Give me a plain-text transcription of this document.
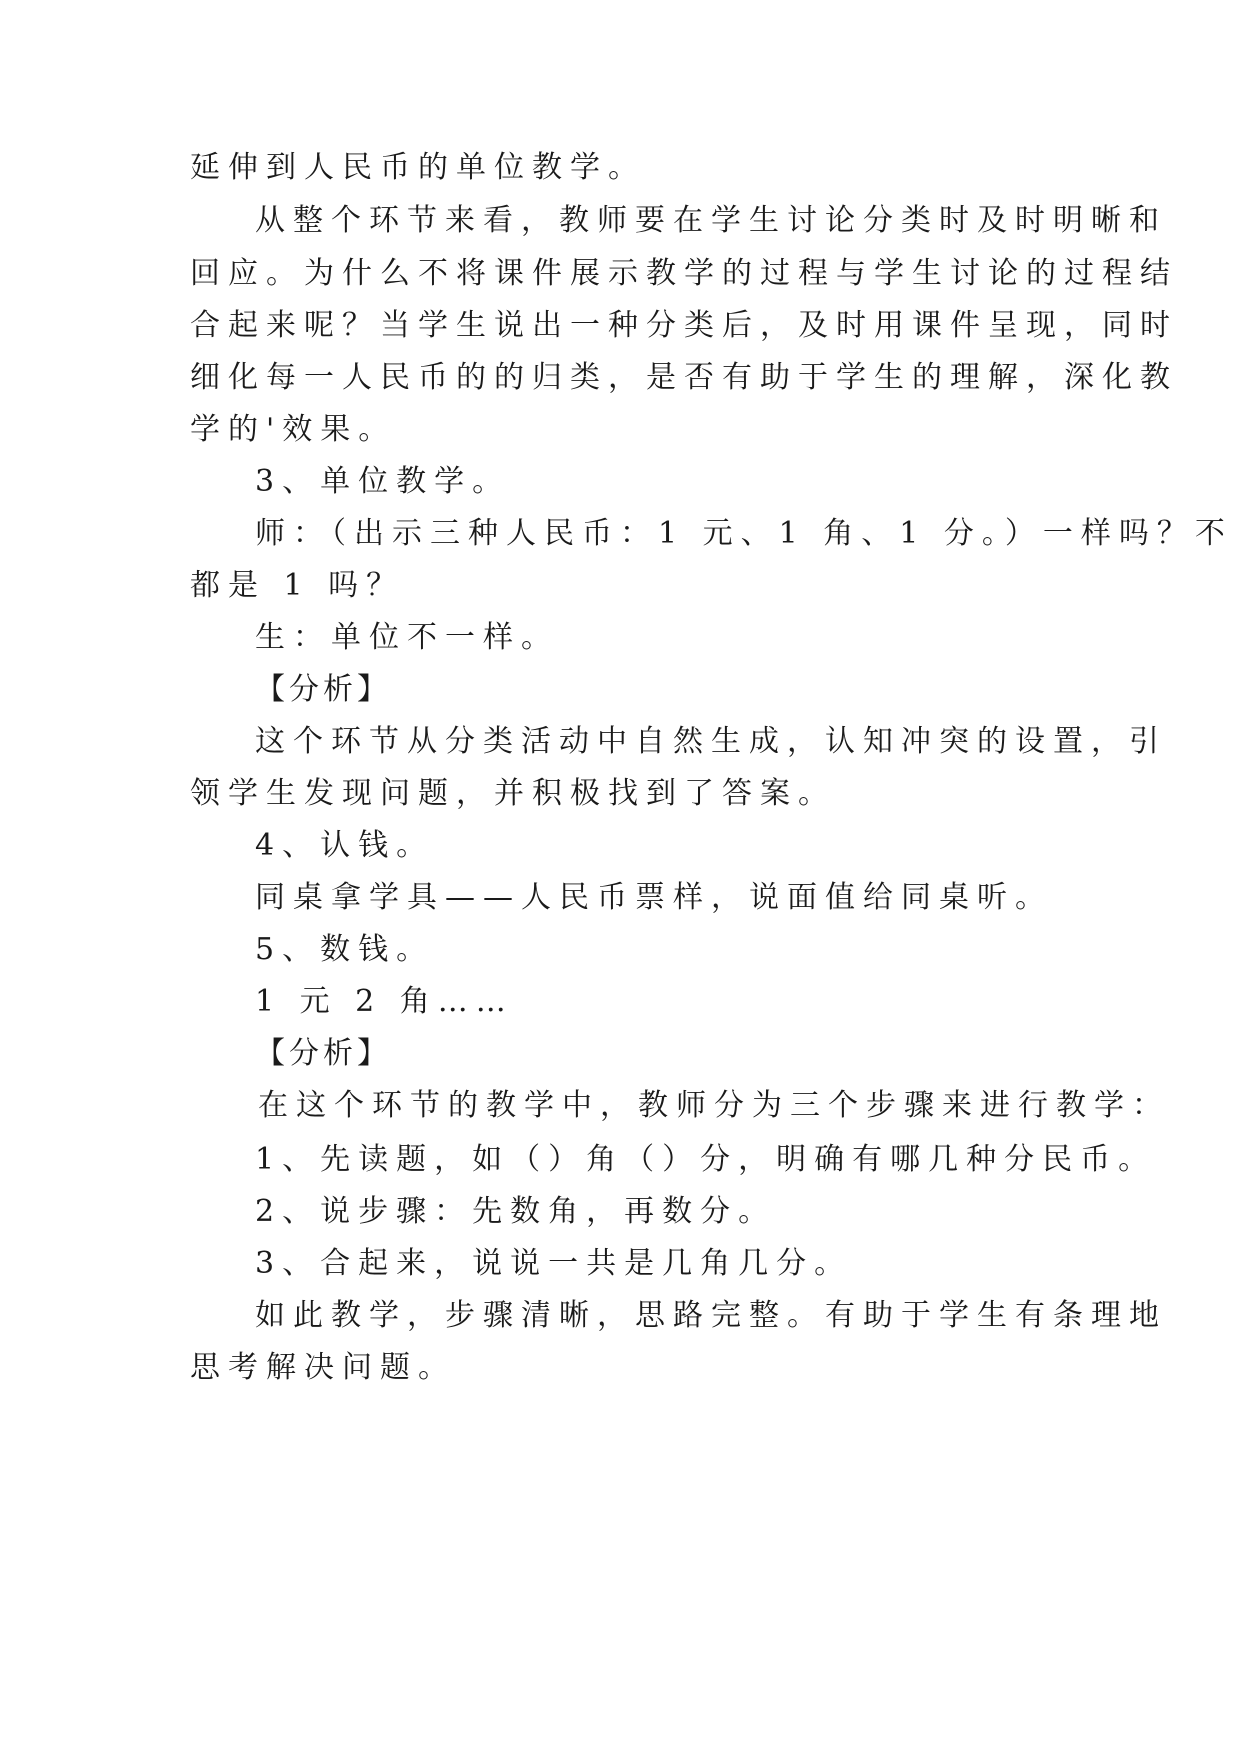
延伸到人民币的单位教学。
从整个环节来看，教师要在学生讨论分类时及时明晰和
回应。为什么不将课件展示教学的过程与学生讨论的过程结
合起来呢？当学生说出一种分类后，及时用课件呈现，同时
细化每一人民币的的归类，是否有助于学生的理解，深化教
学的'效果。
3、单位教学。
师：（出示三种人民币：1 元、1 角、1 分。）一样吗？不
都是 1 吗？
生：单位不一样。
【分析】
这个环节从分类活动中自然生成，认知冲突的设置，引
领学生发现问题，并积极找到了答案。
4、认钱。
同桌拿学具——人民币票样，说面值给同桌听。
5、数钱。
1 元 2 角……
【分析】
在这个环节的教学中，教师分为三个步骤来进行教学：
1、先读题，如（）角（）分，明确有哪几种分民币。
2、说步骤：先数角，再数分。
3、合起来，说说一共是几角几分。
如此教学，步骤清晰，思路完整。有助于学生有条理地
思考解决问题。
